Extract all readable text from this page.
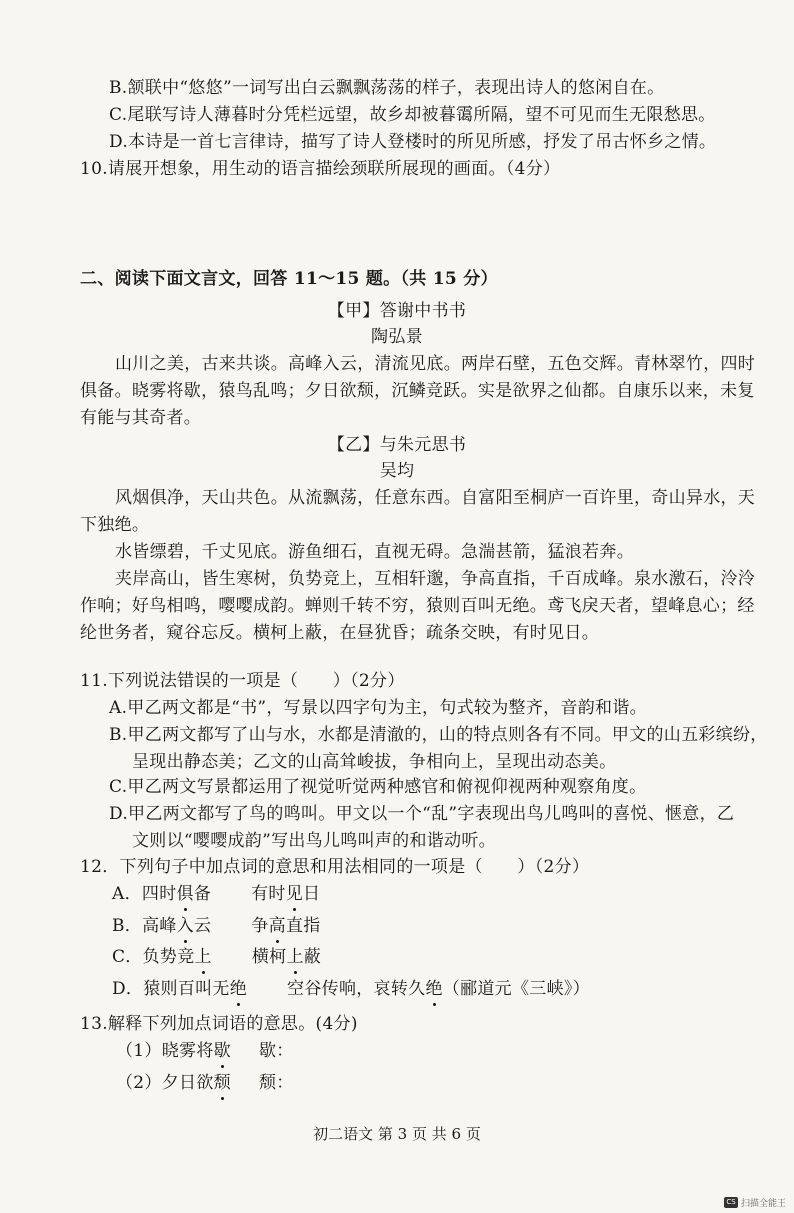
B.颔联中“悠悠”一词写出白云飘飘荡荡的样子，表现出诗人的悠闲自在。
C.尾联写诗人薄暮时分凭栏远望，故乡却被暮霭所隔，望不可见而生无限愁思。
D.本诗是一首七言律诗，描写了诗人登楼时的所见所感，抒发了吊古怀乡之情。
10.请展开想象，用生动的语言描绘颈联所展现的画面。（4分）
二、阅读下面文言文，回答 11～15 题。（共 15 分）
【甲】答谢中书书
陶弘景
山川之美，古来共谈。高峰入云，清流见底。两岸石壁，五色交辉。青林翠竹，四时
俱备。晓雾将歇，猿鸟乱鸣；夕日欲颓，沉鳞竞跃。实是欲界之仙都。自康乐以来，未复
有能与其奇者。
【乙】与朱元思书
吴均
风烟俱净，天山共色。从流飘荡，任意东西。自富阳至桐庐一百许里，奇山异水，天
下独绝。
水皆缥碧，千丈见底。游鱼细石，直视无碍。急湍甚箭，猛浪若奔。
夹岸高山，皆生寒树，负势竞上，互相轩邈，争高直指，千百成峰。泉水激石，泠泠
作响；好鸟相鸣，嘤嘤成韵。蝉则千转不穷，猿则百叫无绝。鸢飞戾天者，望峰息心；经
纶世务者，窥谷忘反。横柯上蔽，在昼犹昏；疏条交映，有时见日。
11.下列说法错误的一项是（　　）（2分）
A.甲乙两文都是“书”，写景以四字句为主，句式较为整齐，音韵和谐。
B.甲乙两文都写了山与水，水都是清澈的，山的特点则各有不同。甲文的山五彩缤纷，
呈现出静态美；乙文的山高耸峻拔，争相向上，呈现出动态美。
C.甲乙两文写景都运用了视觉听觉两种感官和俯视仰视两种观察角度。
D.甲乙两文都写了鸟的鸣叫。甲文以一个“乱”字表现出鸟儿鸣叫的喜悦、惬意，乙
文则以“嘤嘤成韵”写出鸟儿鸣叫声的和谐动听。
12．下列句子中加点词的意思和用法相同的一项是（　　）（2分）
A．四时俱备 有时见日
B．高峰入云 争高直指
C．负势竞上 横柯上蔽
D．猿则百叫无绝 空谷传响，哀转久绝（郦道元《三峡》）
13.解释下列加点词语的意思。(4分)
（1）晓雾将歇 歇：
（2）夕日欲颓 颓：
初二语文 第 3 页 共 6 页
CS 扫描全能王
